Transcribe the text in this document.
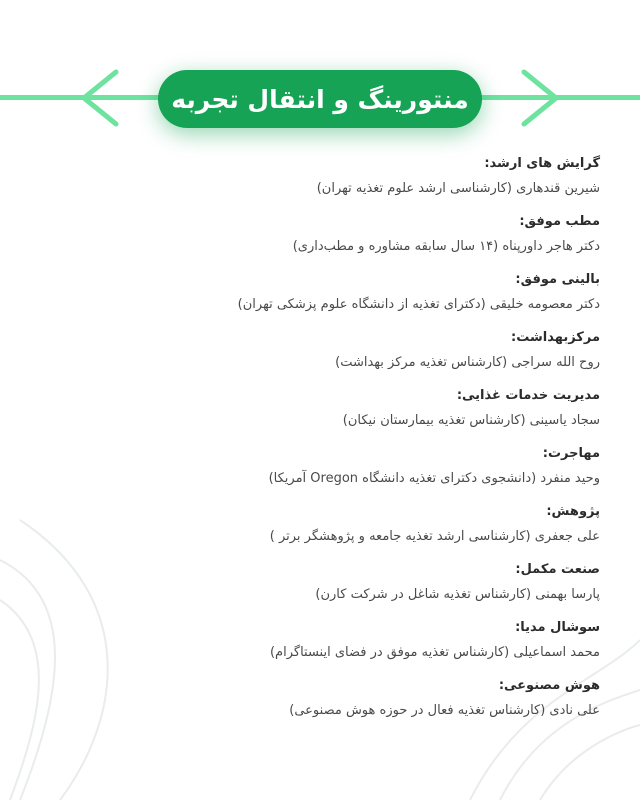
منتورینگ و انتقال تجربه
گرایش های ارشد:
شیرین قندهاری (کارشناسی ارشد علوم تغذیه تهران)
مطب موفق:
دکتر هاجر داورپناه (۱۴ سال سابقه مشاوره و مطب‌داری)
بالینی موفق:
دکتر معصومه خلیقی (دکترای تغذیه از دانشگاه علوم پزشکی تهران)
مرکزبهداشت:
روح الله سراجی (کارشناس تغذیه مرکز بهداشت)
مدیریت خدمات غذایی:
سجاد یاسینی (کارشناس تغذیه بیمارستان نیکان)
مهاجرت:
وحید منفرد (دانشجوی دکترای تغذیه دانشگاه Oregon آمریکا)
پژوهش:
علی جعفری (کارشناسی ارشد تغذیه جامعه و پژوهشگر برتر )
صنعت مکمل:
پارسا بهمنی (کارشناس تغذیه شاغل در شرکت کارن)
سوشال مدیا:
محمد اسماعیلی (کارشناس تغذیه موفق در فضای اینستاگرام)
هوش مصنوعی:
علی نادی (کارشناس تغذیه فعال در حوزه هوش مصنوعی)
